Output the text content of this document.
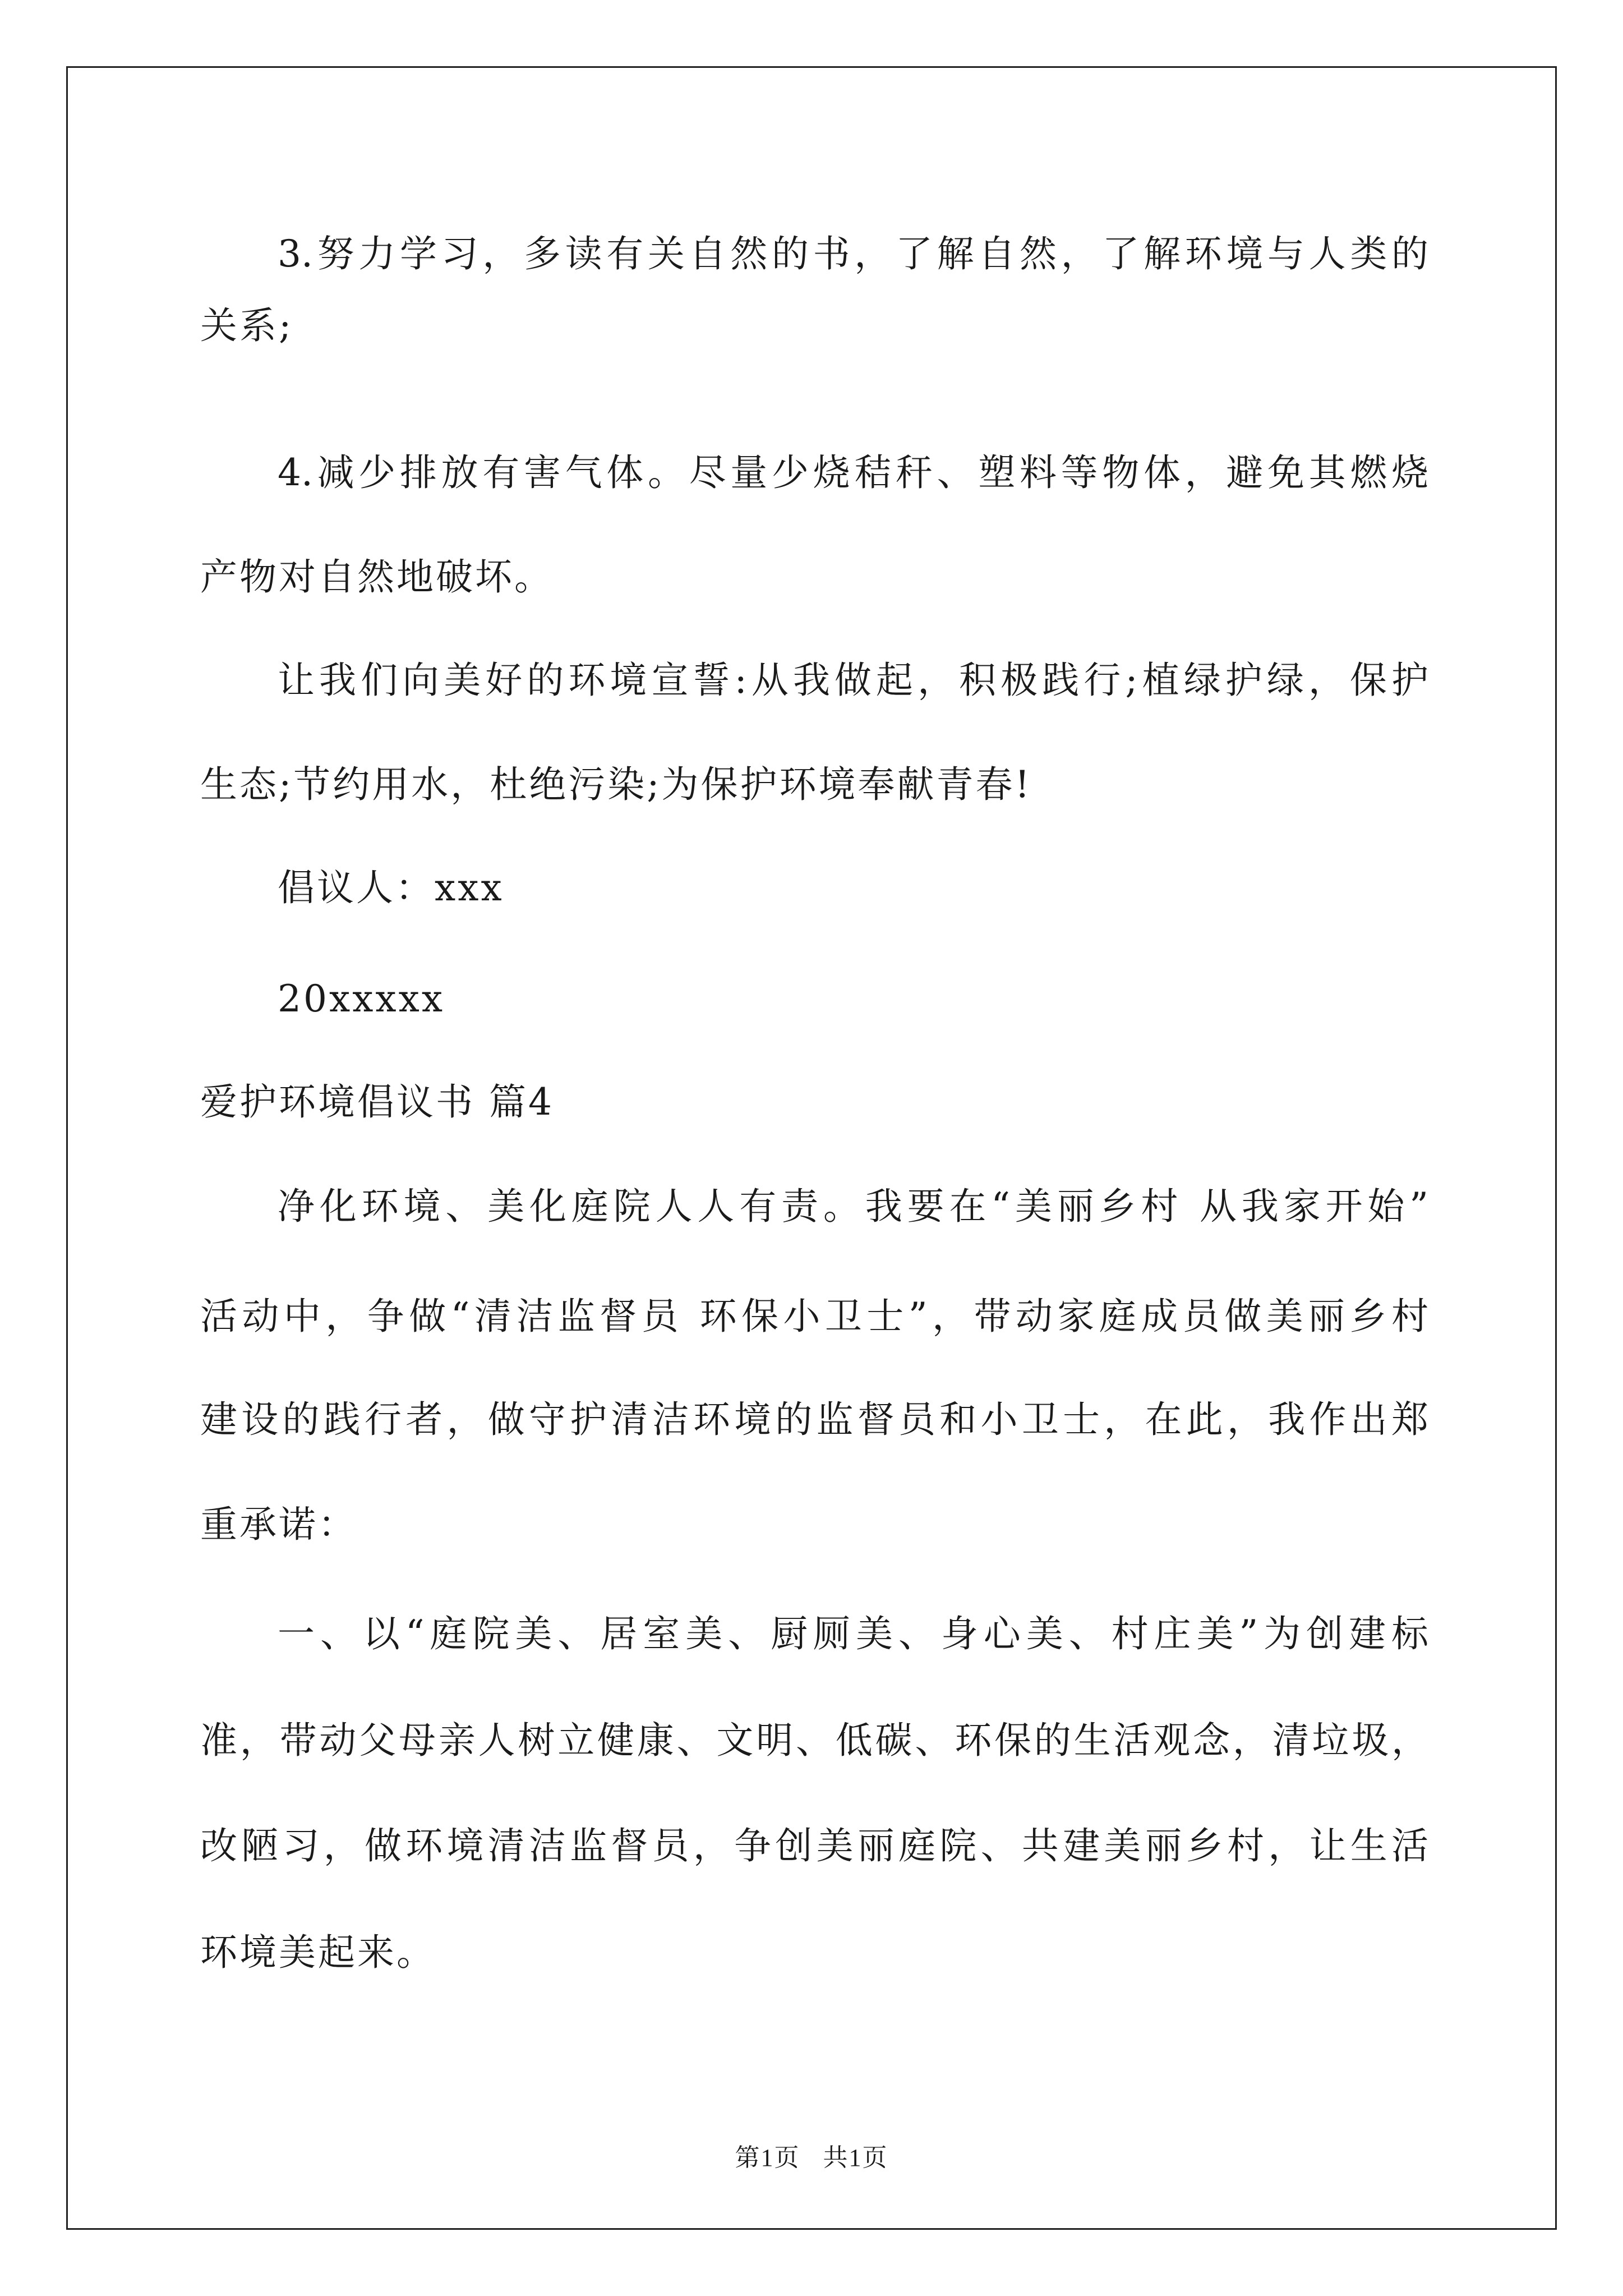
3.努力学习，多读有关自然的书，了解自然，了解环境与人类的
关系;
4.减少排放有害气体。尽量少烧秸秆、塑料等物体，避免其燃烧
产物对自然地破坏。
让我们向美好的环境宣誓:从我做起，积极践行;植绿护绿，保护
生态;节约用水，杜绝污染;为保护环境奉献青春!
倡议人：xxx
20xxxxx
爱护环境倡议书 篇4
净化环境、美化庭院人人有责。我要在“美丽乡村 从我家开始”
活动中，争做“清洁监督员 环保小卫士”，带动家庭成员做美丽乡村
建设的践行者，做守护清洁环境的监督员和小卫士，在此，我作出郑
重承诺：
一、以“庭院美、居室美、厨厕美、身心美、村庄美”为创建标
准，带动父母亲人树立健康、文明、低碳、环保的生活观念，清垃圾，
改陋习，做环境清洁监督员，争创美丽庭院、共建美丽乡村，让生活
环境美起来。
第1页 共1页
